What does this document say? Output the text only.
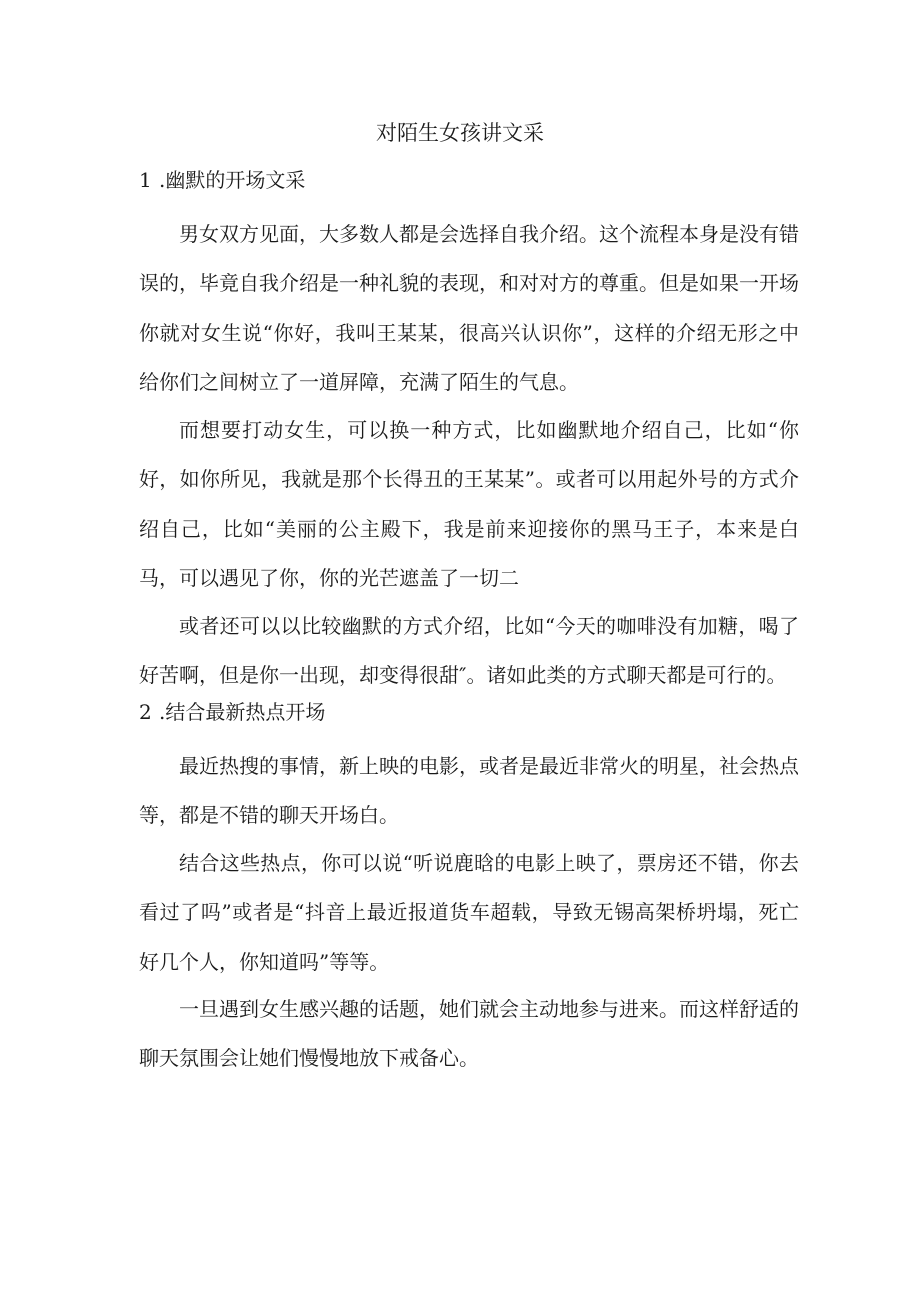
对陌生女孩讲文采
1 .幽默的开场文采

男女双方见面，大多数人都是会选择自我介绍。这个流程本身是没有错误的，毕竟自我介绍是一种礼貌的表现，和对对方的尊重。但是如果一开场你就对女生说“你好，我叫王某某，很高兴认识你”，这样的介绍无形之中给你们之间树立了一道屏障，充满了陌生的气息。

而想要打动女生，可以换一种方式，比如幽默地介绍自己，比如“你好，如你所见，我就是那个长得丑的王某某”。或者可以用起外号的方式介绍自己，比如“美丽的公主殿下，我是前来迎接你的黑马王子，本来是白马，可以遇见了你，你的光芒遮盖了一切二

或者还可以以比较幽默的方式介绍，比如“今天的咖啡没有加糖，喝了好苦啊，但是你一出现，却变得很甜″。诸如此类的方式聊天都是可行的。

2 .结合最新热点开场

最近热搜的事情，新上映的电影，或者是最近非常火的明星，社会热点等，都是不错的聊天开场白。

结合这些热点，你可以说“听说鹿晗的电影上映了，票房还不错，你去看过了吗”或者是“抖音上最近报道货车超载，导致无锡高架桥坍塌，死亡好几个人，你知道吗”等等。

一旦遇到女生感兴趣的话题，她们就会主动地参与进来。而这样舒适的聊天氛围会让她们慢慢地放下戒备心。
